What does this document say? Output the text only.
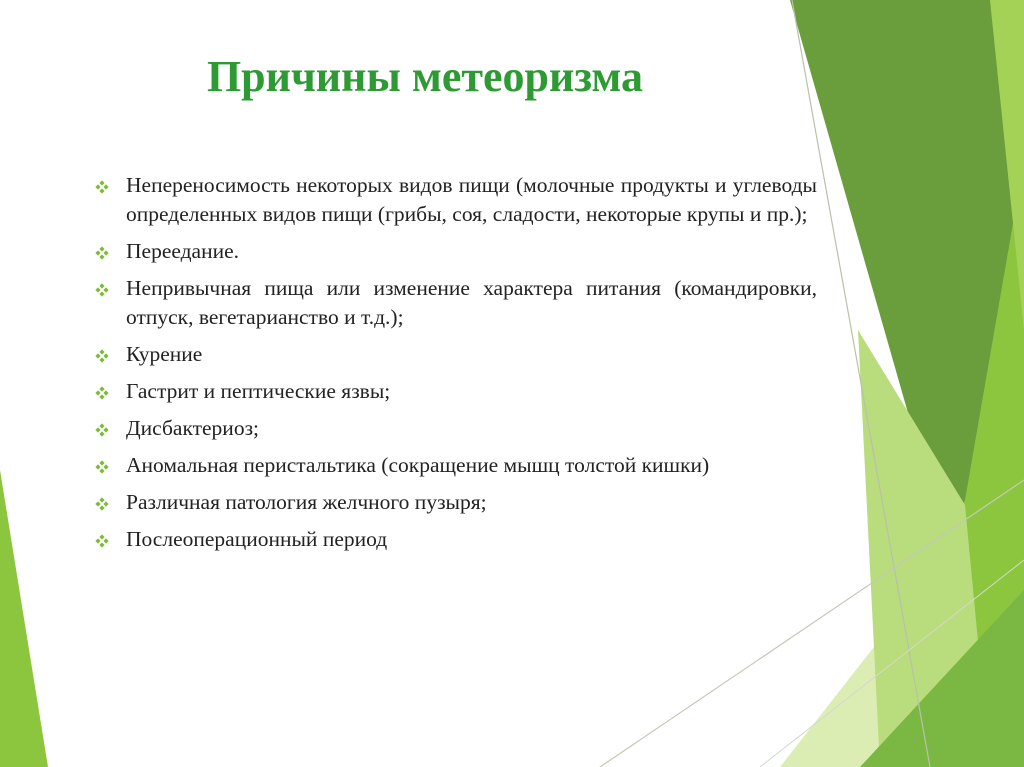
Причины метеоризма
Непереносимость некоторых видов пищи (молочные продукты и углеводы определенных видов пищи (грибы, соя, сладости, некоторые крупы и пр.);
Переедание.
Непривычная пища или изменение характера питания (командировки, отпуск, вегетарианство и т.д.);
Курение
Гастрит и пептические язвы;
Дисбактериоз;
Аномальная перистальтика (сокращение мышц толстой кишки)
Различная патология желчного пузыря;
Послеоперационный период
